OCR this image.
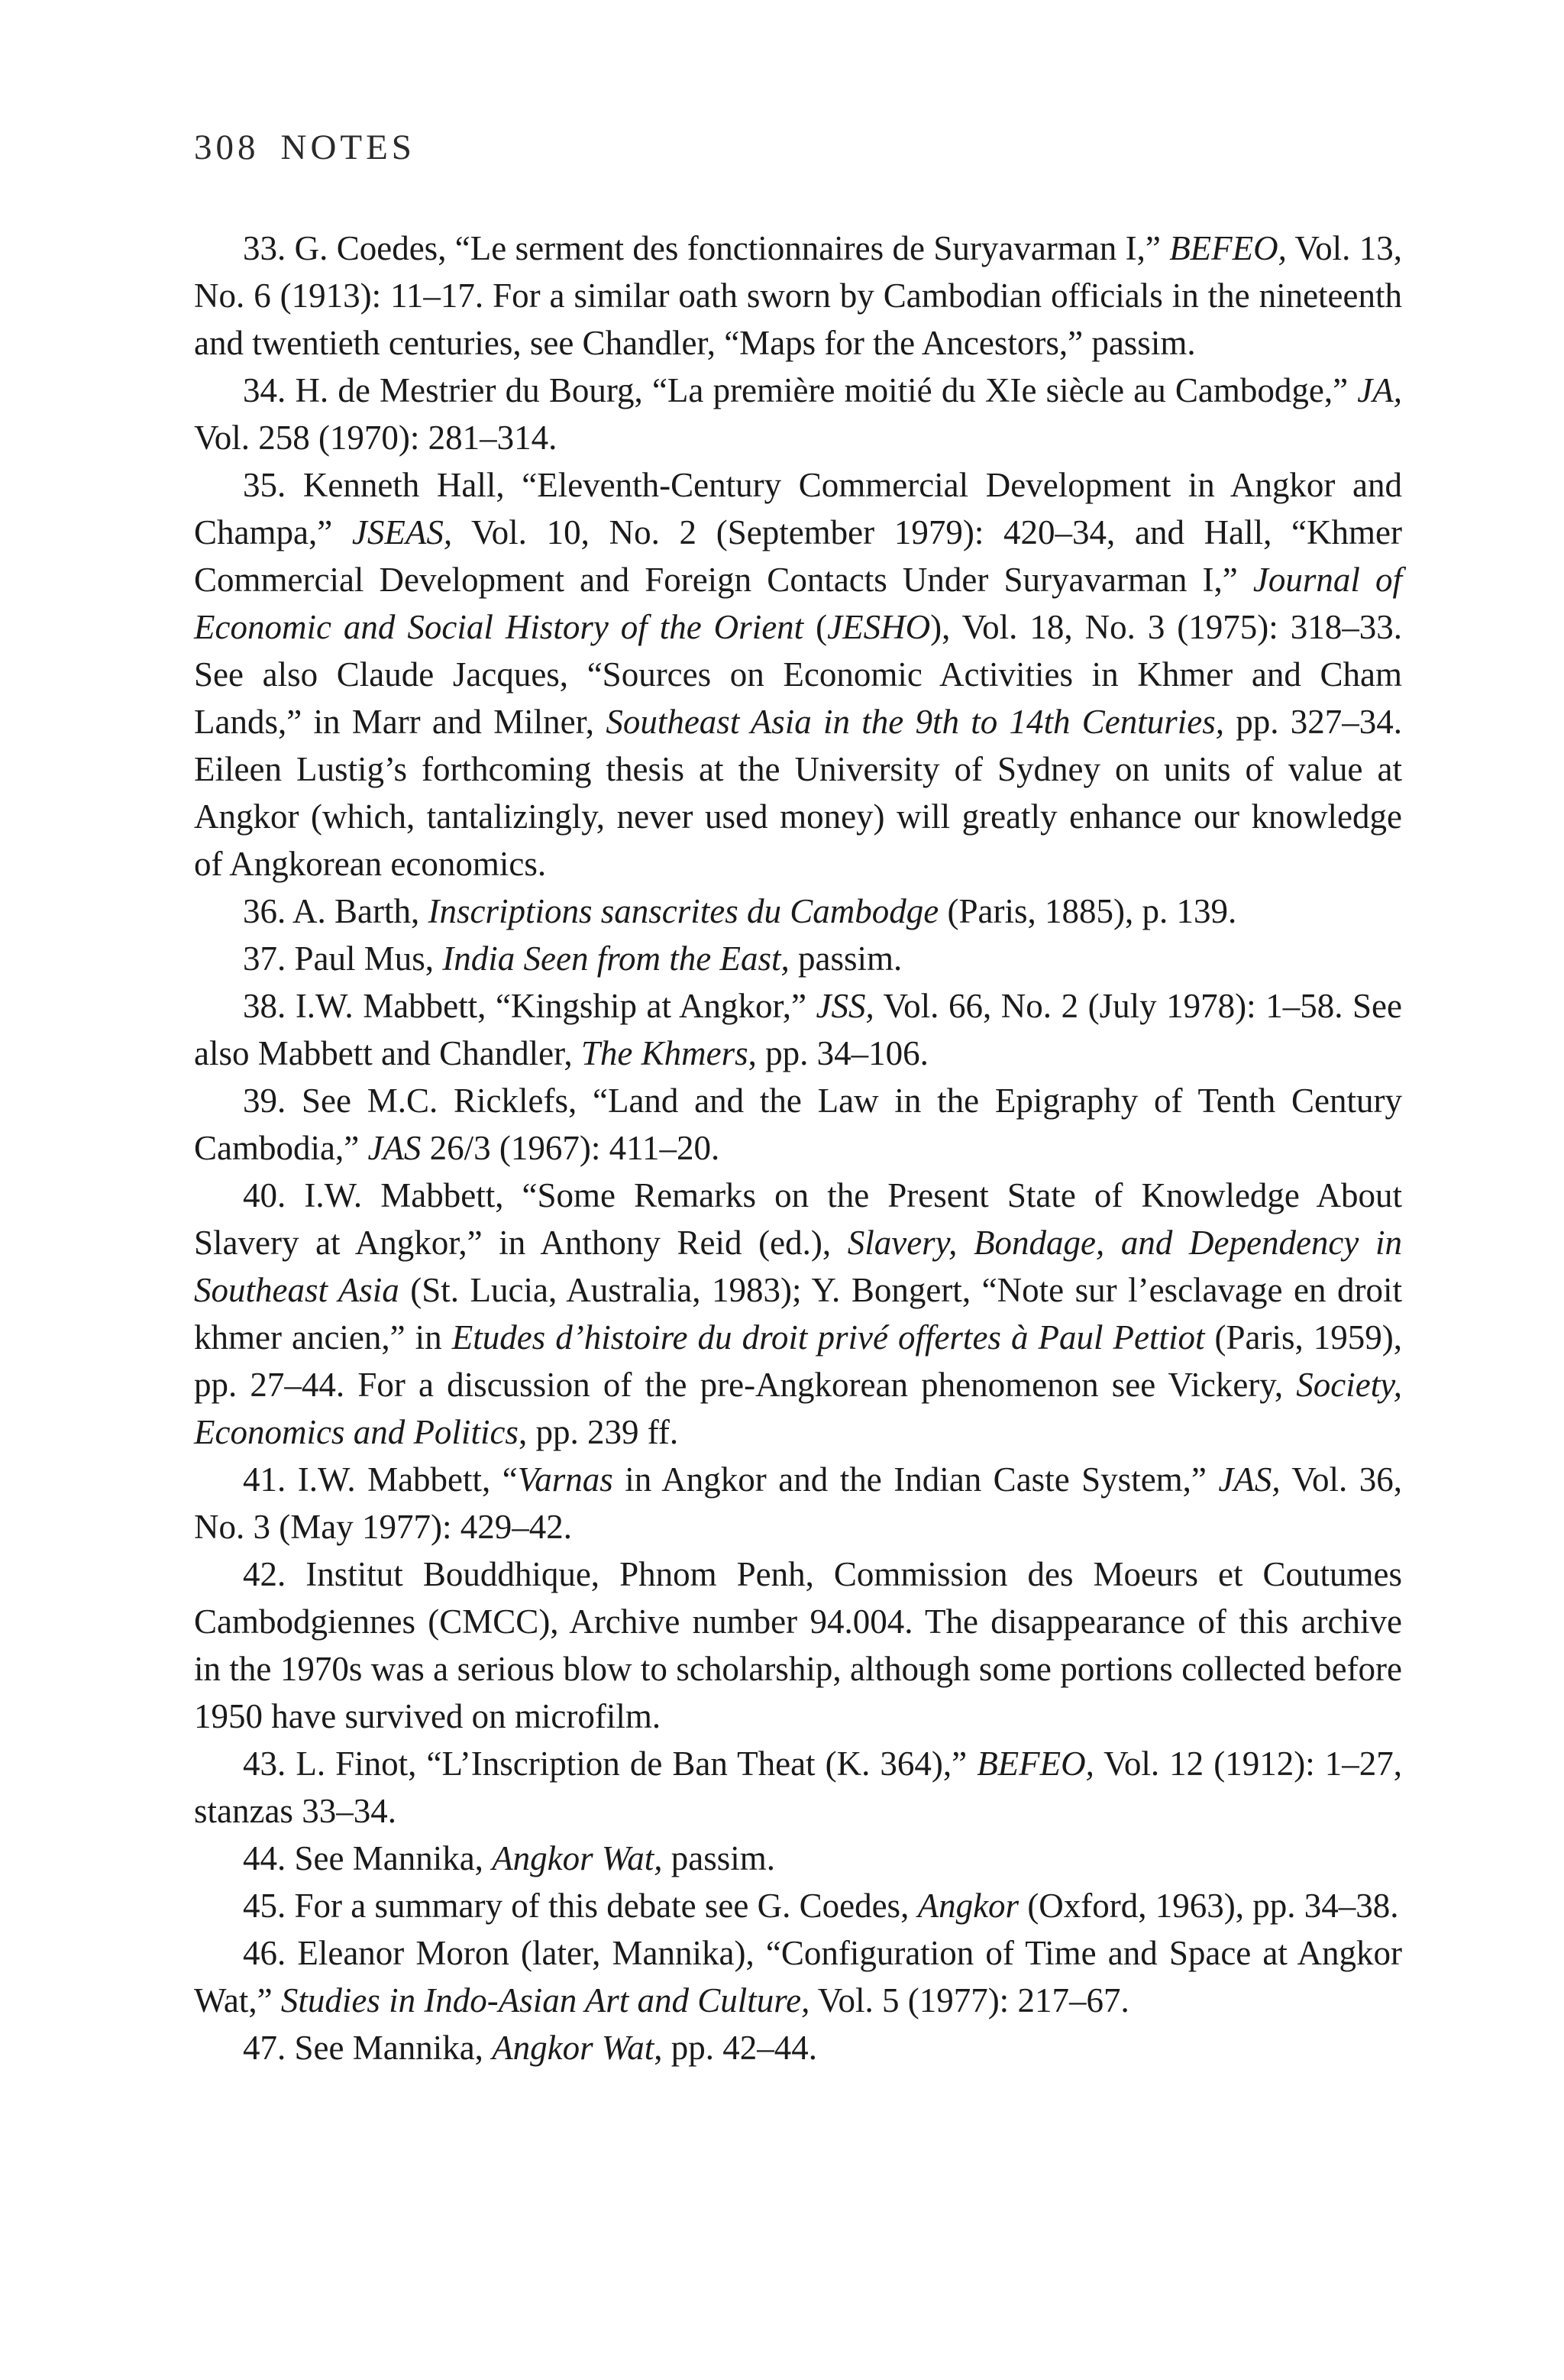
308 NOTES

33. G. Coedes, “Le serment des fonctionnaires de Suryavarman I,” BEFEO, Vol. 13, No. 6 (1913): 11–17. For a similar oath sworn by Cambodian officials in the nineteenth and twentieth centuries, see Chandler, “Maps for the Ancestors,” passim.

34. H. de Mestrier du Bourg, “La première moitié du XIe siècle au Cambodge,” JA, Vol. 258 (1970): 281–314.

35. Kenneth Hall, “Eleventh-Century Commercial Development in Angkor and Champa,” JSEAS, Vol. 10, No. 2 (September 1979): 420–34, and Hall, “Khmer Commercial Development and Foreign Contacts Under Suryavarman I,” Journal of Economic and Social History of the Orient (JESHO), Vol. 18, No. 3 (1975): 318–33. See also Claude Jacques, “Sources on Economic Activities in Khmer and Cham Lands,” in Marr and Milner, Southeast Asia in the 9th to 14th Centuries, pp. 327–34. Eileen Lustig’s forthcoming thesis at the University of Sydney on units of value at Angkor (which, tantalizingly, never used money) will greatly enhance our knowledge of Angkorean economics.

36. A. Barth, Inscriptions sanscrites du Cambodge (Paris, 1885), p. 139.

37. Paul Mus, India Seen from the East, passim.

38. I.W. Mabbett, “Kingship at Angkor,” JSS, Vol. 66, No. 2 (July 1978): 1–58. See also Mabbett and Chandler, The Khmers, pp. 34–106.

39. See M.C. Ricklefs, “Land and the Law in the Epigraphy of Tenth Century Cambodia,” JAS 26/3 (1967): 411–20.

40. I.W. Mabbett, “Some Remarks on the Present State of Knowledge About Slavery at Angkor,” in Anthony Reid (ed.), Slavery, Bondage, and Dependency in Southeast Asia (St. Lucia, Australia, 1983); Y. Bongert, “Note sur l’esclavage en droit khmer ancien,” in Etudes d’histoire du droit privé offertes à Paul Pettiot (Paris, 1959), pp. 27–44. For a discussion of the pre-Angkorean phenomenon see Vickery, Society, Economics and Politics, pp. 239 ff.

41. I.W. Mabbett, “Varnas in Angkor and the Indian Caste System,” JAS, Vol. 36, No. 3 (May 1977): 429–42.

42. Institut Bouddhique, Phnom Penh, Commission des Moeurs et Coutumes Cambodgiennes (CMCC), Archive number 94.004. The disappearance of this archive in the 1970s was a serious blow to scholarship, although some portions collected before 1950 have survived on microfilm.

43. L. Finot, “L’Inscription de Ban Theat (K. 364),” BEFEO, Vol. 12 (1912): 1–27, stanzas 33–34.

44. See Mannika, Angkor Wat, passim.

45. For a summary of this debate see G. Coedes, Angkor (Oxford, 1963), pp. 34–38.

46. Eleanor Moron (later, Mannika), “Configuration of Time and Space at Angkor Wat,” Studies in Indo-Asian Art and Culture, Vol. 5 (1977): 217–67.

47. See Mannika, Angkor Wat, pp. 42–44.
